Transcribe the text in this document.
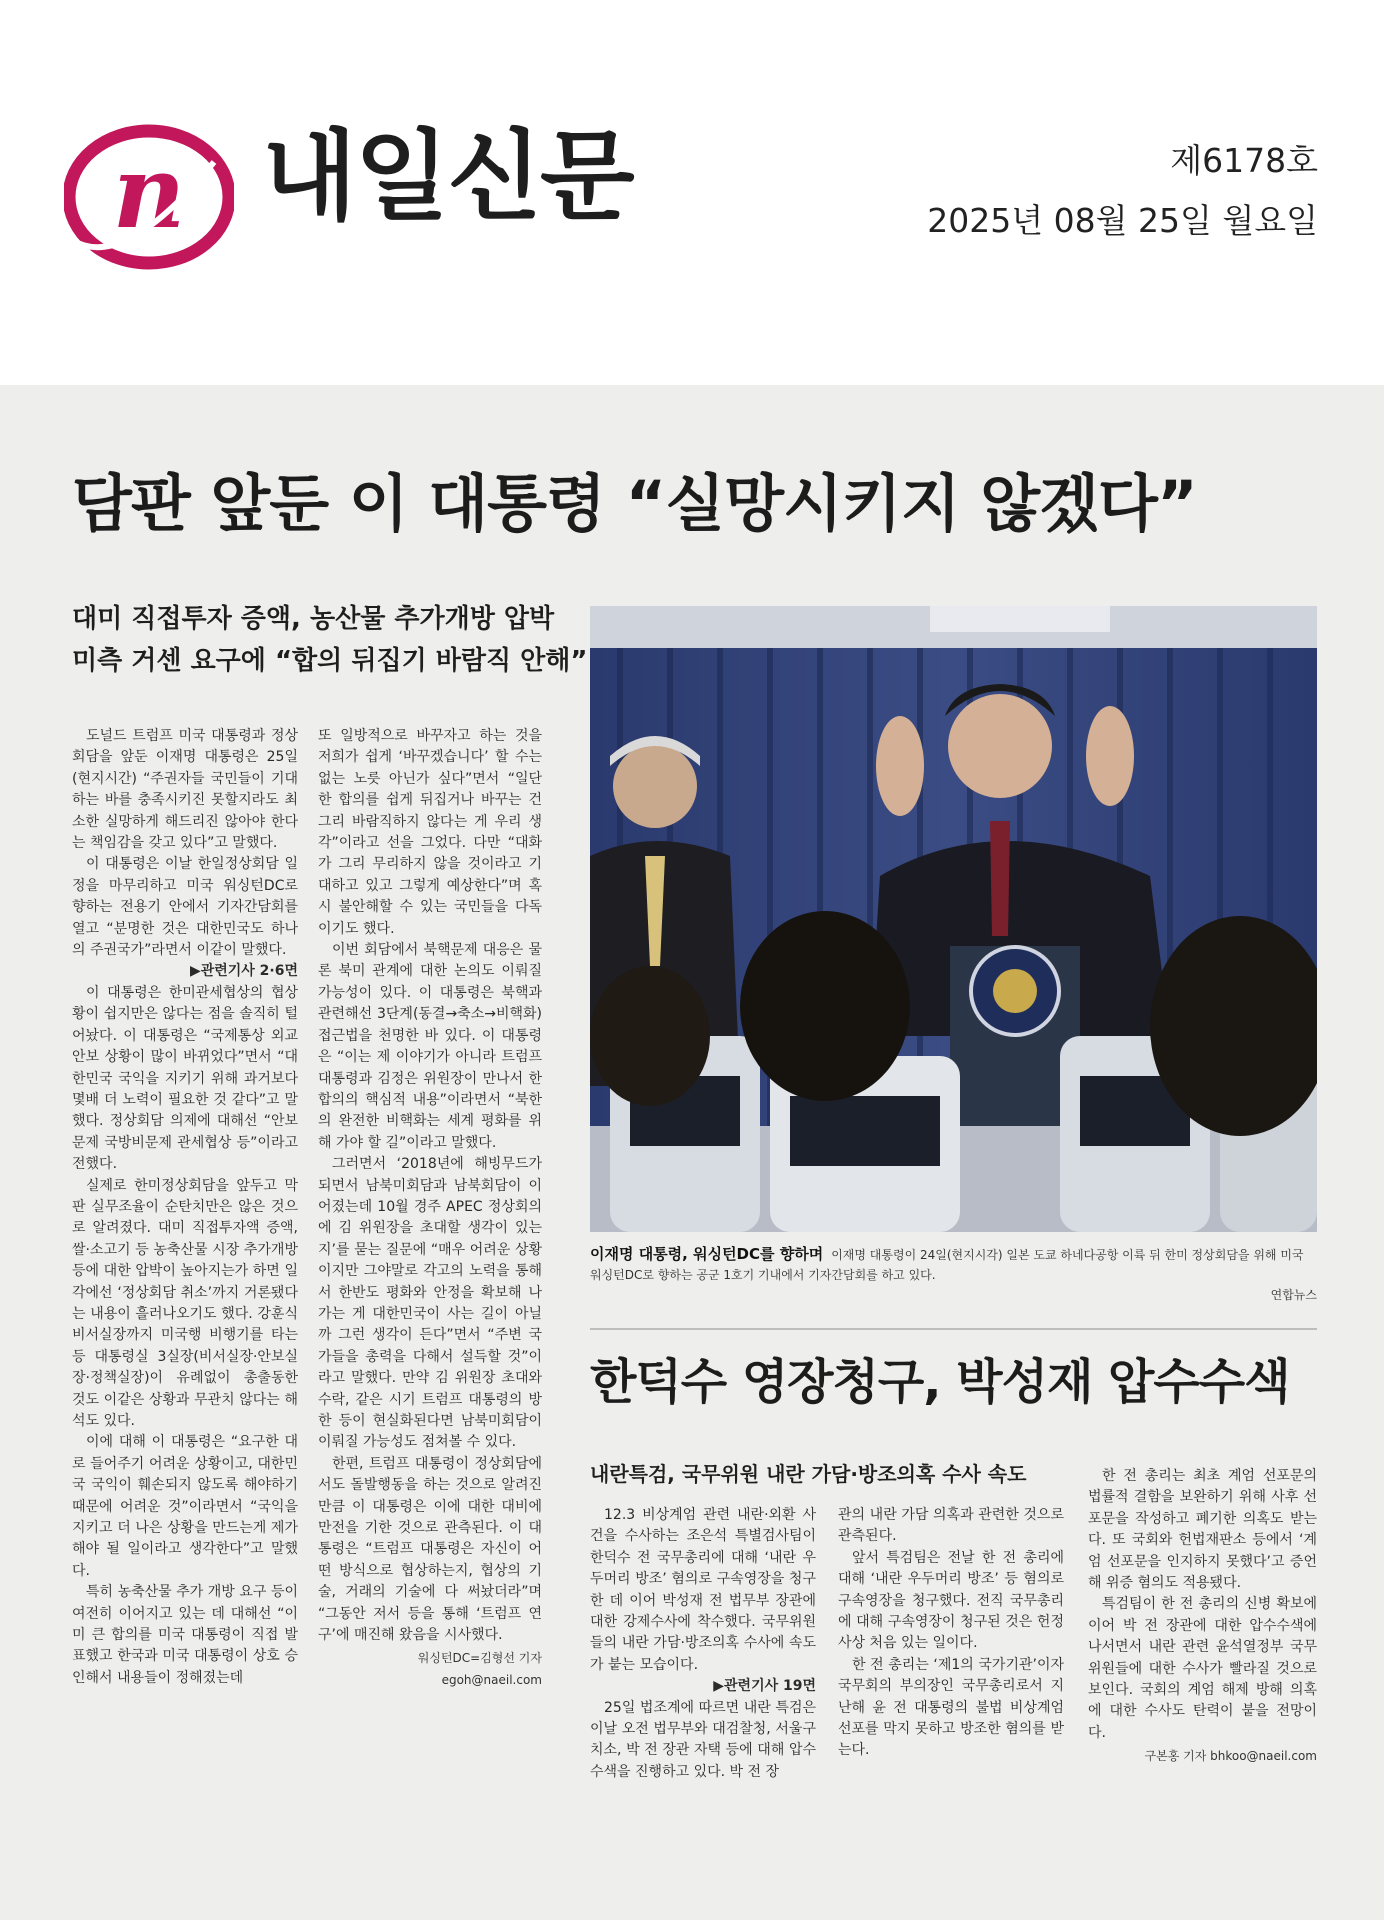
n 내일신문	제6178호
2025년 08월 25일 월요일
담판 앞둔 이 대통령 “실망시키지 않겠다”
대미 직접투자 증액, 농산물 추가개방 압박
미측 거센 요구에 “합의 뒤집기 바람직 안해”

도널드 트럼프 미국 대통령과 정상회담을 앞둔 이재명 대통령은 25일(현지시간) “주권자들 국민들이 기대하는 바를 충족시키진 못할지라도 최소한 실망하게 해드리진 않아야 한다는 책임감을 갖고 있다”고 말했다.

이 대통령은 이날 한일정상회담 일정을 마무리하고 미국 워싱턴DC로 향하는 전용기 안에서 기자간담회를 열고 “분명한 것은 대한민국도 하나의 주권국가”라면서 이같이 말했다.

▶관련기사 2·6면

이 대통령은 한미관세협상의 협상황이 쉽지만은 않다는 점을 솔직히 털어놨다. 이 대통령은 “국제통상 외교안보 상황이 많이 바뀌었다”면서 “대한민국 국익을 지키기 위해 과거보다 몇배 더 노력이 필요한 것 같다”고 말했다. 정상회담 의제에 대해선 “안보문제 국방비문제 관세협상 등”이라고 전했다.

실제로 한미정상회담을 앞두고 막판 실무조율이 순탄치만은 않은 것으로 알려졌다. 대미 직접투자액 증액, 쌀·소고기 등 농축산물 시장 추가개방 등에 대한 압박이 높아지는가 하면 일각에선 ‘정상회담 취소’까지 거론됐다는 내용이 흘러나오기도 했다. 강훈식 비서실장까지 미국행 비행기를 타는 등 대통령실 3실장(비서실장·안보실장·정책실장)이 유례없이 총출동한 것도 이같은 상황과 무관치 않다는 해석도 있다.

이에 대해 이 대통령은 “요구한 대로 들어주기 어려운 상황이고, 대한민국 국익이 훼손되지 않도록 해야하기 때문에 어려운 것”이라면서 “국익을 지키고 더 나은 상황을 만드는게 제가 해야 될 일이라고 생각한다”고 말했다.

특히 농축산물 추가 개방 요구 등이 여전히 이어지고 있는 데 대해선 “이미 큰 합의를 미국 대통령이 직접 발표했고 한국과 미국 대통령이 상호 승인해서 내용들이 정해졌는데

또 일방적으로 바꾸자고 하는 것을 저희가 쉽게 ‘바꾸겠습니다’ 할 수는 없는 노릇 아닌가 싶다”면서 “일단 한 합의를 쉽게 뒤집거나 바꾸는 건 그리 바람직하지 않다는 게 우리 생각”이라고 선을 그었다. 다만 “대화가 그리 무리하지 않을 것이라고 기대하고 있고 그렇게 예상한다”며 혹시 불안해할 수 있는 국민들을 다독이기도 했다.

이번 회담에서 북핵문제 대응은 물론 북미 관계에 대한 논의도 이뤄질 가능성이 있다. 이 대통령은 북핵과 관련해선 3단계(동결→축소→비핵화) 접근법을 천명한 바 있다. 이 대통령은 “이는 제 이야기가 아니라 트럼프 대통령과 김정은 위원장이 만나서 한 합의의 핵심적 내용”이라면서 “북한의 완전한 비핵화는 세계 평화를 위해 가야 할 길”이라고 말했다.

그러면서 ‘2018년에 해빙무드가 되면서 남북미회담과 남북회담이 이어졌는데 10월 경주 APEC 정상회의에 김 위원장을 초대할 생각이 있는지’를 묻는 질문에 “매우 어려운 상황이지만 그야말로 각고의 노력을 통해서 한반도 평화와 안정을 확보해 나가는 게 대한민국이 사는 길이 아닐까 그런 생각이 든다”면서 “주변 국가들을 총력을 다해서 설득할 것”이라고 말했다. 만약 김 위원장 초대와 수락, 같은 시기 트럼프 대통령의 방한 등이 현실화된다면 남북미회담이 이뤄질 가능성도 점쳐볼 수 있다.

한편, 트럼프 대통령이 정상회담에서도 돌발행동을 하는 것으로 알려진 만큼 이 대통령은 이에 대한 대비에 만전을 기한 것으로 관측된다. 이 대통령은 “트럼프 대통령은 자신이 어떤 방식으로 협상하는지, 협상의 기술, 거래의 기술에 다 써놨더라”며 “그동안 저서 등을 통해 ‘트럼프 연구’에 매진해 왔음을 시사했다.

워싱턴DC=김형선 기자 egoh@naeil.com

이재명 대통령, 워싱턴DC를 향하며 이재명 대통령이 24일(현지시각) 일본 도쿄 하네다공항 이륙 뒤 한미 정상회담을 위해 미국 워싱턴DC로 향하는 공군 1호기 기내에서 기자간담회를 하고 있다.
연합뉴스
한덕수 영장청구, 박성재 압수수색
내란특검, 국무위원 내란 가담·방조의혹 수사 속도

12.3 비상계엄 관련 내란·외환 사건을 수사하는 조은석 특별검사팀이 한덕수 전 국무총리에 대해 ‘내란 우두머리 방조’ 혐의로 구속영장을 청구한 데 이어 박성재 전 법무부 장관에 대한 강제수사에 착수했다. 국무위원들의 내란 가담·방조의혹 수사에 속도가 붙는 모습이다.

▶관련기사 19면

25일 법조계에 따르면 내란 특검은 이날 오전 법무부와 대검찰청, 서울구치소, 박 전 장관 자택 등에 대해 압수수색을 진행하고 있다. 박 전 장

관의 내란 가담 의혹과 관련한 것으로 관측된다.

앞서 특검팀은 전날 한 전 총리에 대해 ‘내란 우두머리 방조’ 등 혐의로 구속영장을 청구했다. 전직 국무총리에 대해 구속영장이 청구된 것은 헌정 사상 처음 있는 일이다.

한 전 총리는 ‘제1의 국가기관’이자 국무회의 부의장인 국무총리로서 지난해 윤 전 대통령의 불법 비상계엄 선포를 막지 못하고 방조한 혐의를 받는다.

한 전 총리는 최초 계엄 선포문의 법률적 결함을 보완하기 위해 사후 선포문을 작성하고 폐기한 의혹도 받는다. 또 국회와 헌법재판소 등에서 ‘계엄 선포문을 인지하지 못했다’고 증언해 위증 혐의도 적용됐다.

특검팀이 한 전 총리의 신병 확보에 이어 박 전 장관에 대한 압수수색에 나서면서 내란 관련 윤석열정부 국무위원들에 대한 수사가 빨라질 것으로 보인다. 국회의 계엄 해제 방해 의혹에 대한 수사도 탄력이 붙을 전망이다.

구본홍 기자 bhkoo@naeil.com
